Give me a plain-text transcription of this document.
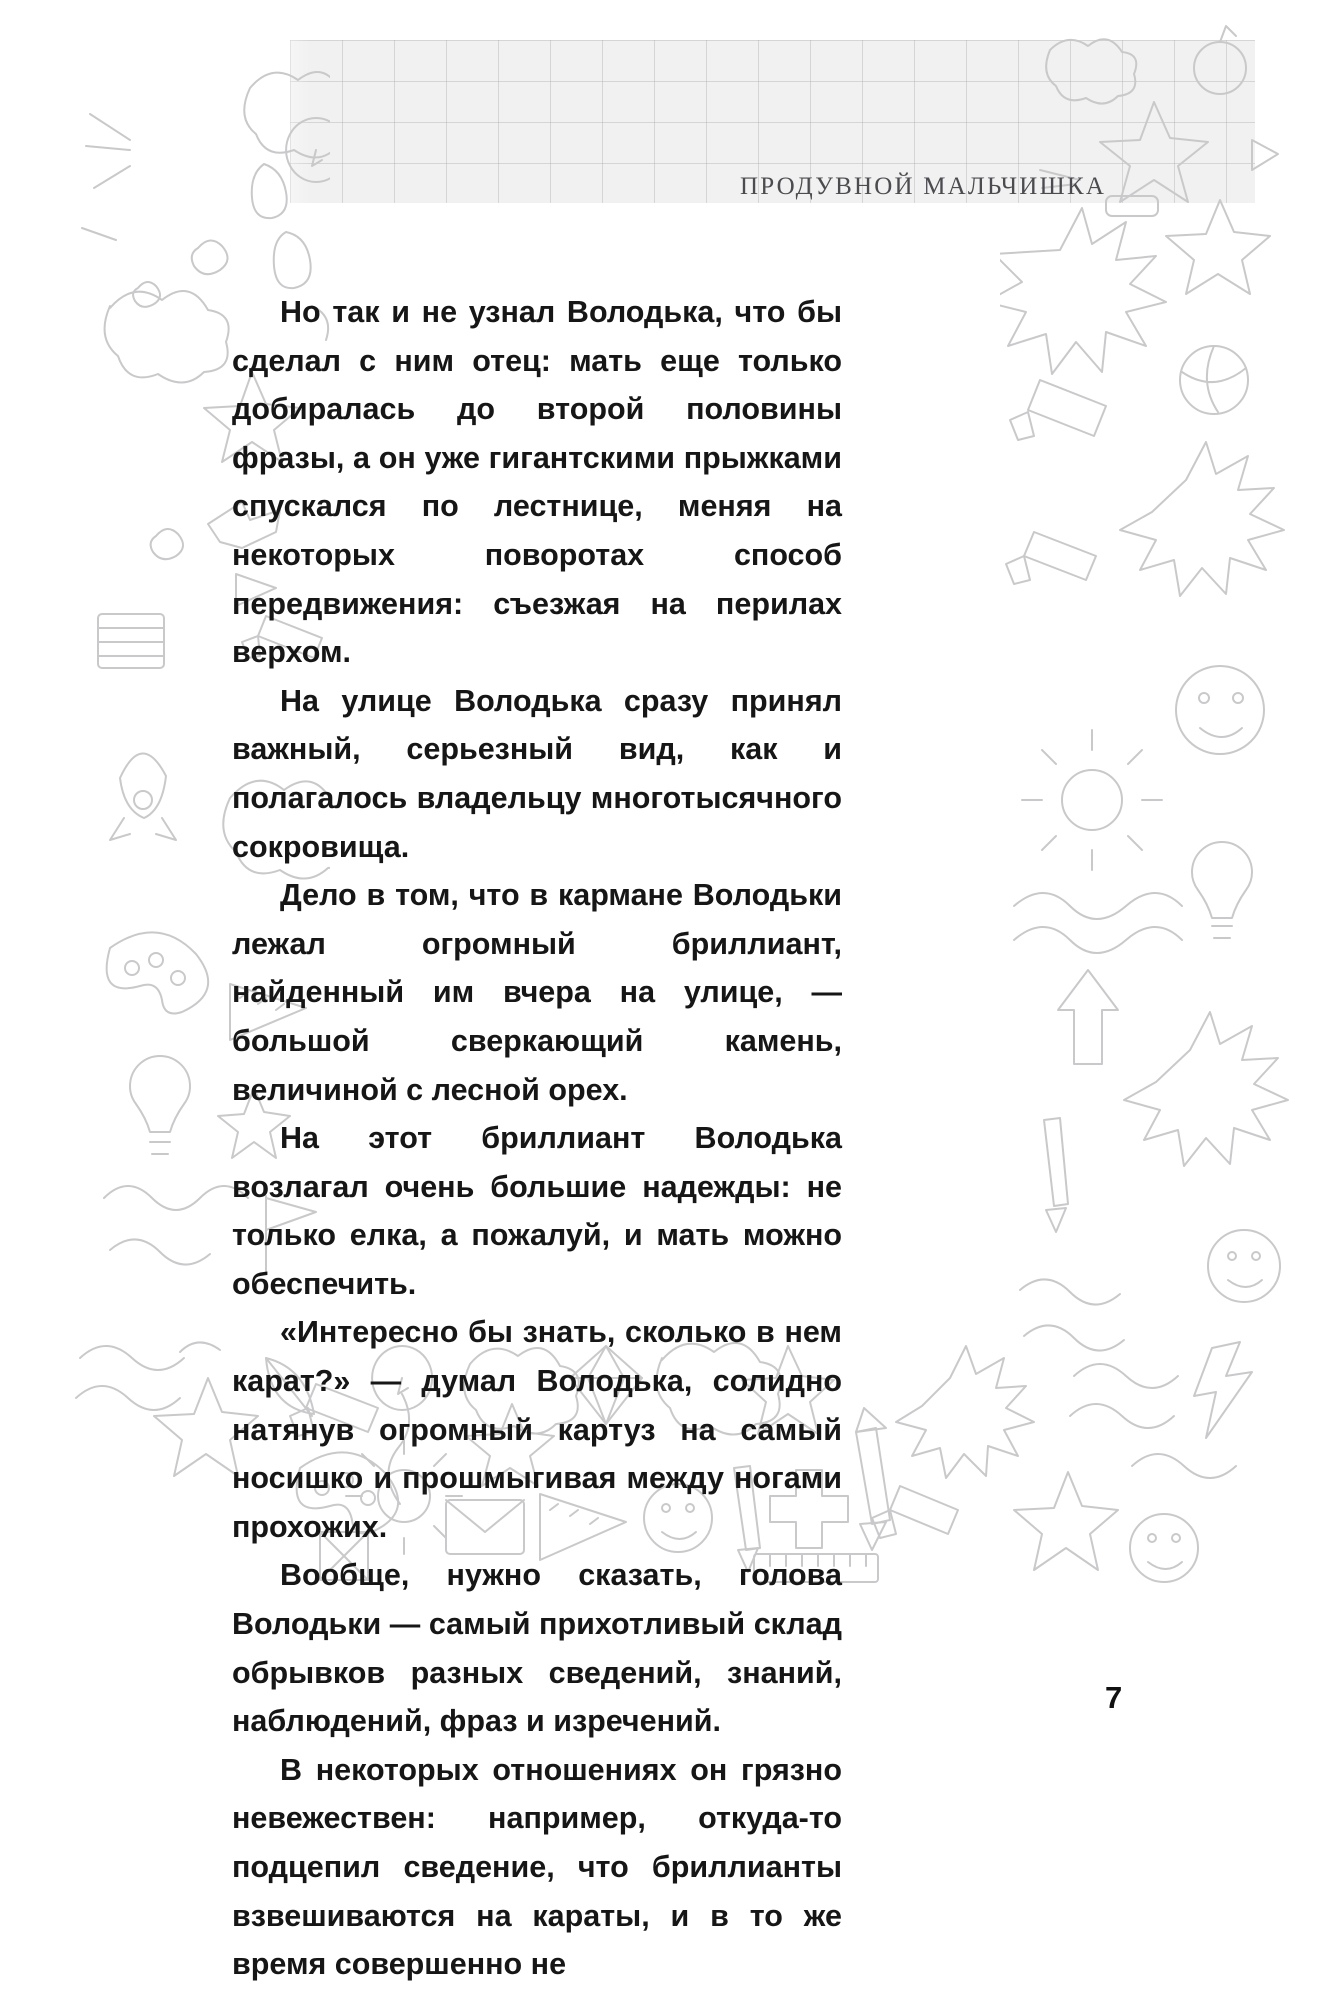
ПРОДУВНОЙ МАЛЬЧИШКА

Но так и не узнал Володька, что бы сделал с ним отец: мать еще только добиралась до второй половины фразы, а он уже гигантскими прыжками спускался по лестнице, меняя на некоторых поворотах способ передвижения: съезжая на перилах верхом.

На улице Володька сразу принял важный, серьезный вид, как и полагалось владельцу многотысячного сокровища.

Дело в том, что в кармане Володьки лежал огромный бриллиант, найденный им вчера на улице, — большой сверкающий камень, величиной с лесной орех.

На этот бриллиант Володька возлагал очень большие надежды: не только елка, а пожалуй, и мать можно обеспечить.

«Интересно бы знать, сколько в нем карат?» — думал Володька, солидно натянув огромный картуз на самый носишко и прошмыгивая между ногами прохожих.

Вообще, нужно сказать, голова Володьки — самый прихотливый склад обрывков разных сведений, знаний, наблюдений, фраз и изречений.

В некоторых отношениях он грязно невежествен: например, откуда-то подцепил сведение, что бриллианты взвешиваются на караты, и в то же время совершенно не

7
